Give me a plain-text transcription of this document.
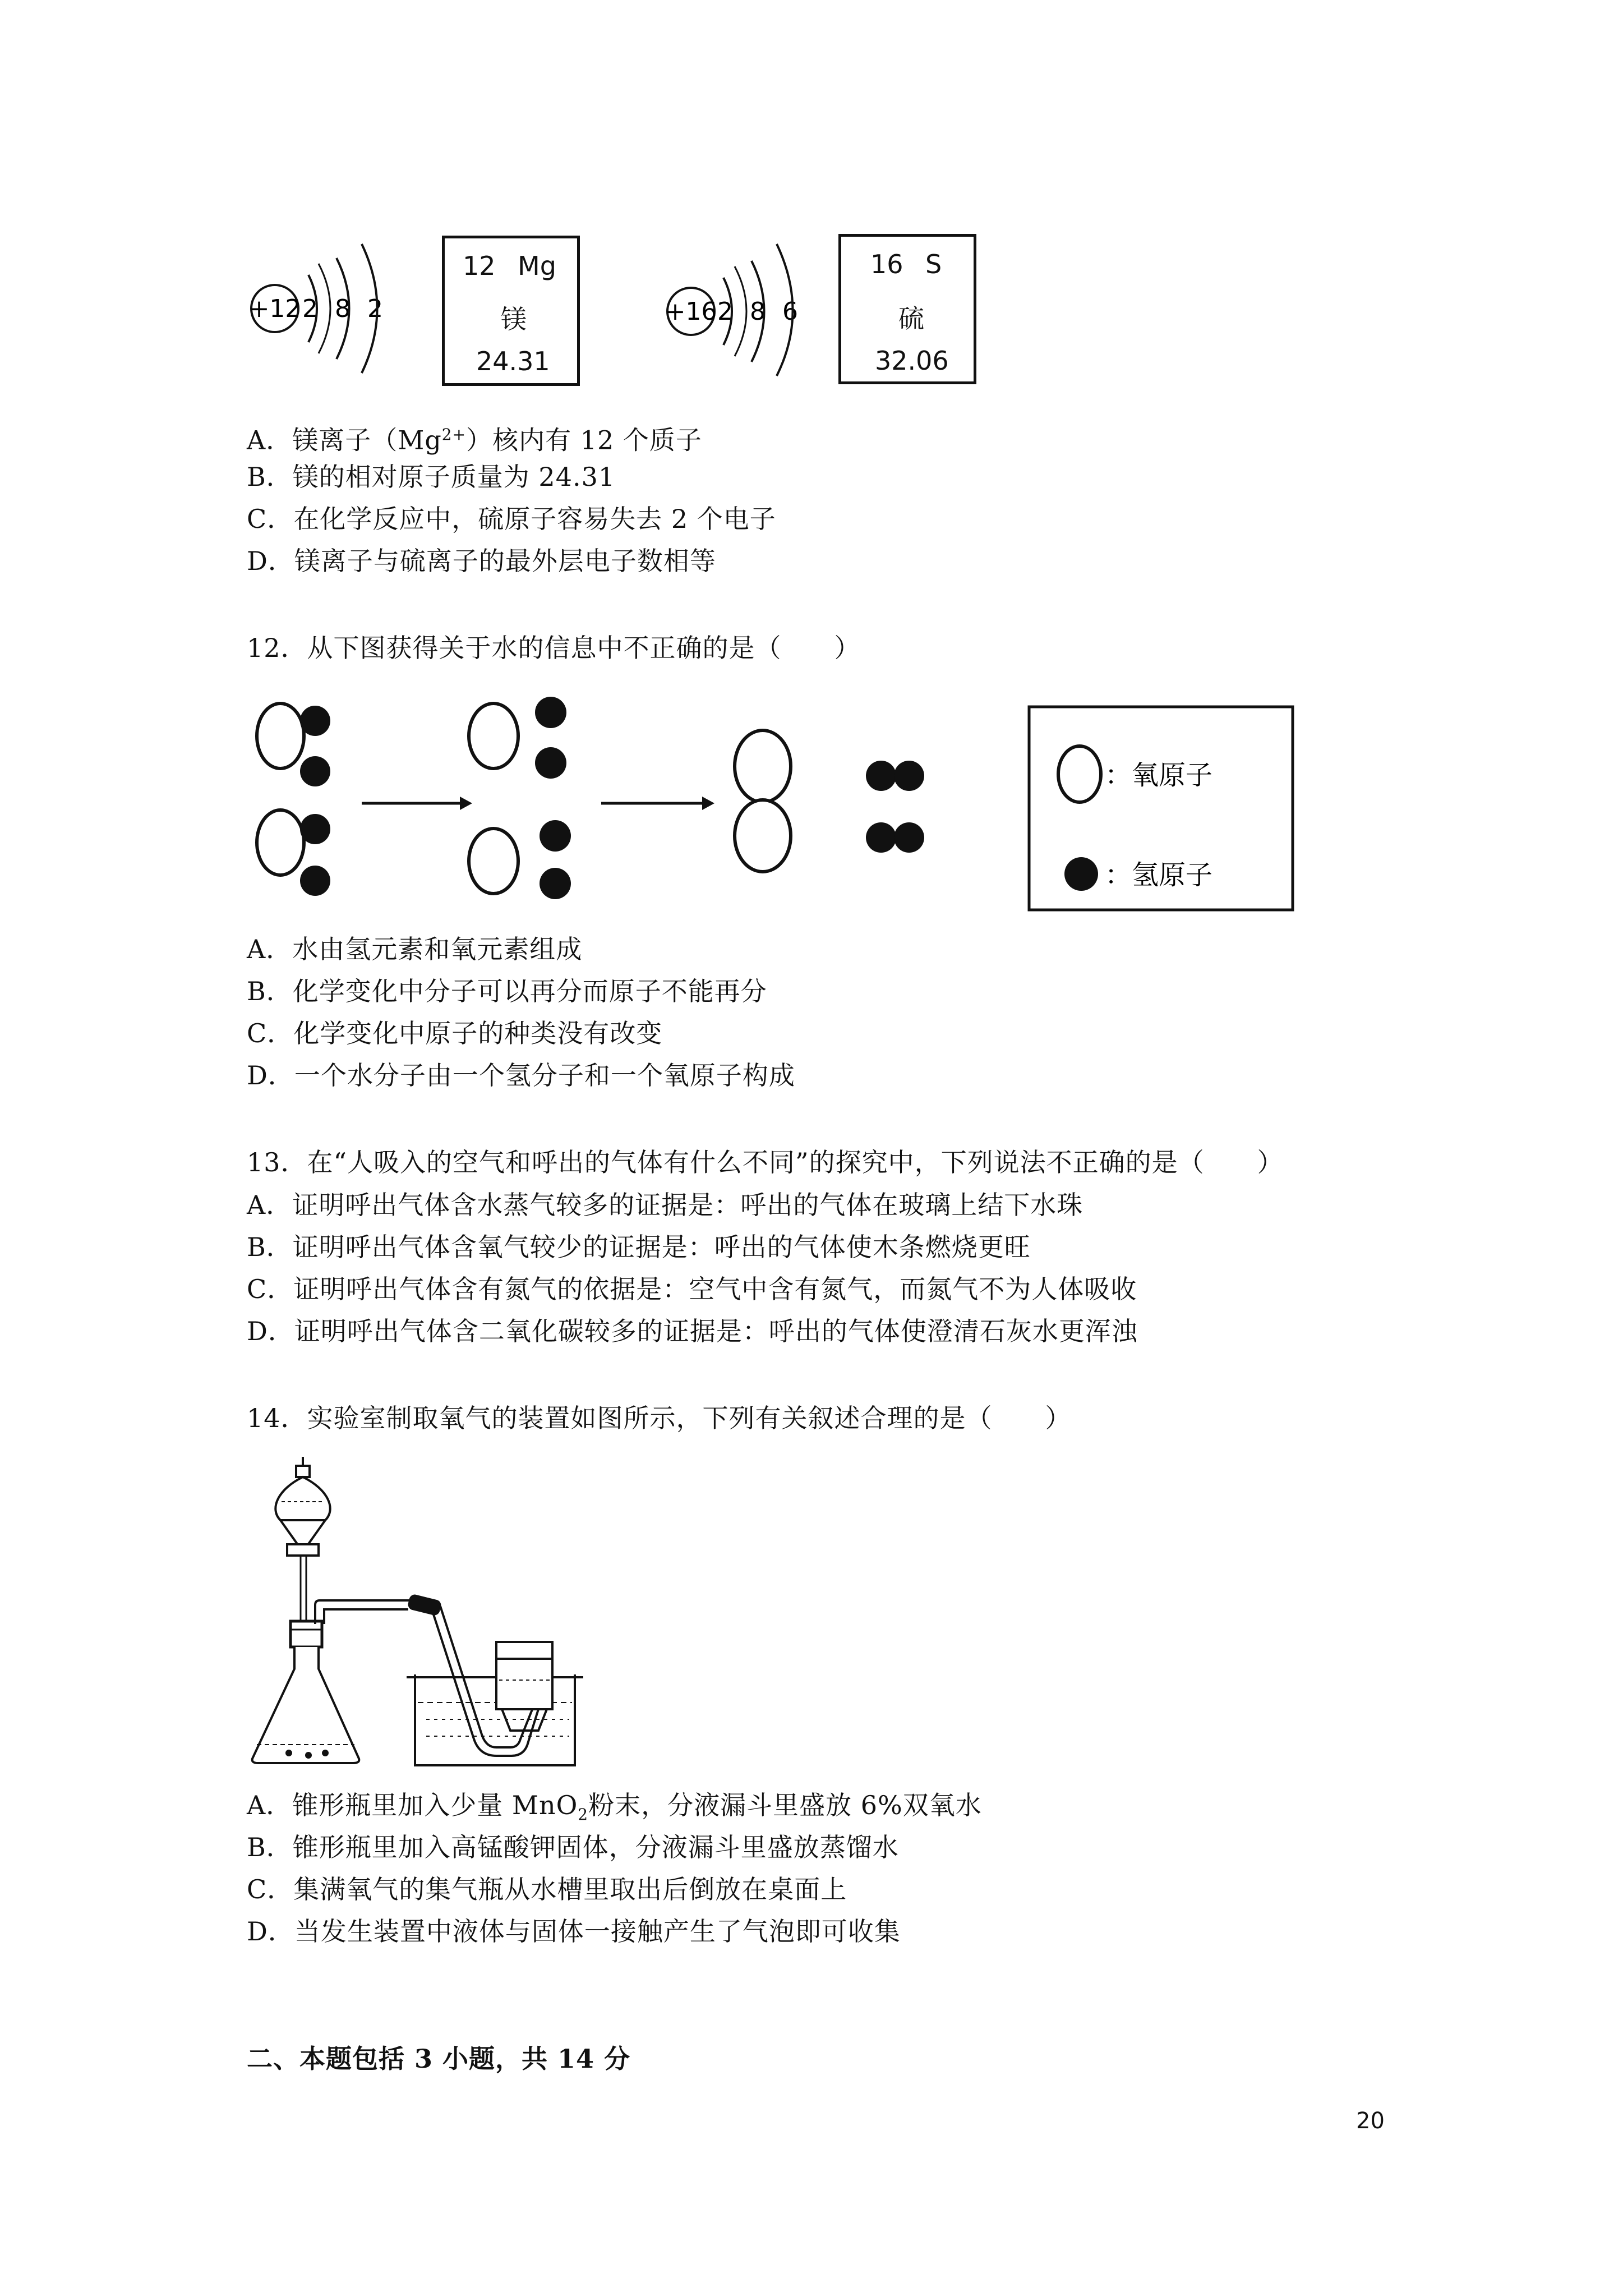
+12 2 8 2
12 Mg
镁
24.31
+16 2 8 6
16 S
硫
32.06
A．镁离子$(Mg^{2+})$核内有 12 个质子
B．镁的相对原子质量为 24.31
C．在化学反应中，硫原子容易失去 2 个电子
D．镁离子与硫离子的最外层电子数相等
12．从下图获得关于水的信息中不正确的是（　　）
：氧原子
：氢原子
A．水由氢元素和氧元素组成
B．化学变化中分子可以再分而原子不能再分
C．化学变化中原子的种类没有改变
D．一个水分子由一个氢分子和一个氧原子构成
13．在“人吸入的空气和呼出的气体有什么不同”的探究中，下列说法不正确的是（　　）
A．证明呼出气体含水蒸气较多的证据是：呼出的气体在玻璃上结下水珠
B．证明呼出气体含氧气较少的证据是：呼出的气体使木条燃烧更旺
C．证明呼出气体含有氮气的依据是：空气中含有氮气，而氮气不为人体吸收
D．证明呼出气体含二氧化碳较多的证据是：呼出的气体使澄清石灰水更浑浊
14．实验室制取氧气的装置如图所示，下列有关叙述合理的是（　　）
A．锥形瓶里加入少量 MnO$_2$粉末，分液漏斗里盛放 6%双氧水
B．锥形瓶里加入高锰酸钾固体，分液漏斗里盛放蒸馏水
C．集满氧气的集气瓶从水槽里取出后倒放在桌面上
D．当发生装置中液体与固体一接触产生了气泡即可收集
二、本题包括 3 小题，共 14 分
20
